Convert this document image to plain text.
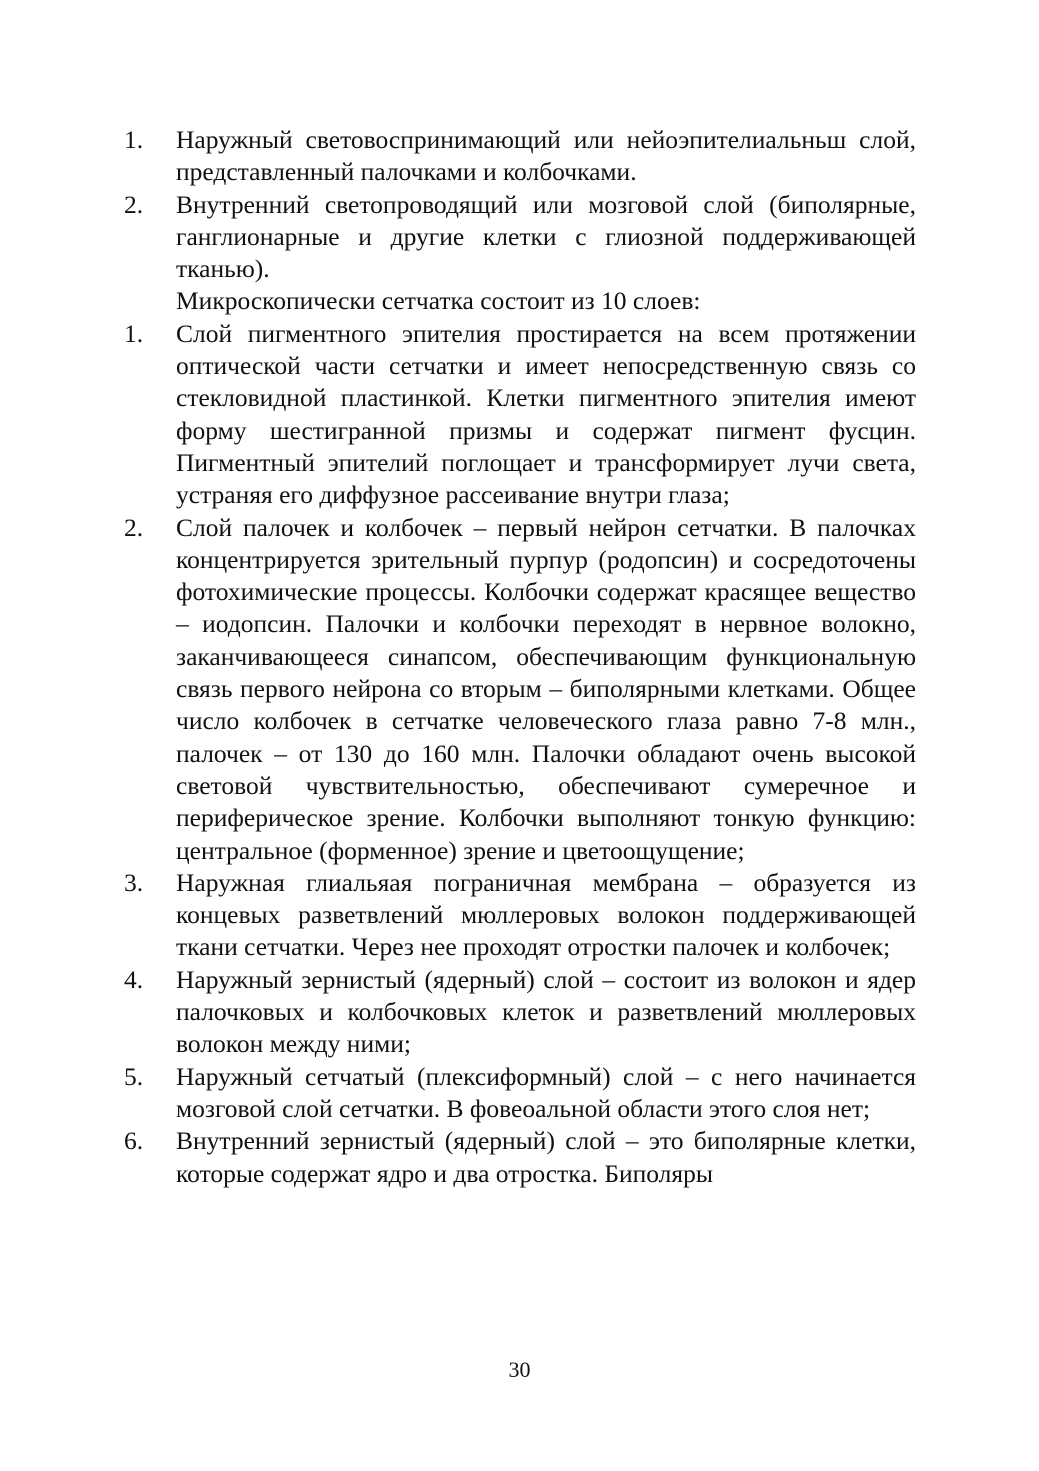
1.	Наружный световоспринимающий или нейоэпителиальньш слой, представленный палочками и колбочками.
2.	Внутренний светопроводящий или мозговой слой (биполярные, ганглионарные и другие клетки с глиозной поддерживающей тканью).
Микроскопически сетчатка состоит из 10 слоев:
1.	Слой пигментного эпителия простирается на всем протяжении оптической части сетчатки и имеет непосредственную связь со стекловидной пластинкой. Клетки пигментного эпителия имеют форму шестигранной призмы и содержат пигмент фусцин. Пигментный эпителий поглощает и трансформирует лучи света, устраняя его диффузное рассеивание внутри глаза;
2.	Слой палочек и колбочек – первый нейрон сетчатки. В палочках концентрируется зрительный пурпур (родопсин) и сосредоточены фотохимические процессы. Колбочки содержат красящее вещество – иодопсин. Палочки и колбочки переходят в нервное волокно, заканчивающееся синапсом, обеспечивающим функциональную связь первого нейрона со вторым – биполярными клетками. Общее число колбочек в сетчатке человеческого глаза равно 7-8 млн., палочек – от 130 до 160 млн. Палочки обладают очень высокой световой чувствительностью, обеспечивают сумеречное и периферическое зрение. Колбочки выполняют тонкую функцию: центральное (форменное) зрение и цветоощущение;
3.	Наружная глиальяая пограничная мембрана – образуется из концевых разветвлений мюллеровых волокон поддерживающей ткани сетчатки. Через нее проходят отростки палочек и колбочек;
4.	Наружный зернистый (ядерный) слой – состоит из волокон и ядер палочковых и колбочковых клеток и разветвлений мюллеровых волокон между ними;
5.	Наружный сетчатый (плексиформный) слой – с него начинается мозговой слой сетчатки. В фовеоальной области этого слоя нет;
6.	Внутренний зернистый (ядерный) слой – это биполярные клетки, которые содержат ядро и два отростка. Биполяры
30
